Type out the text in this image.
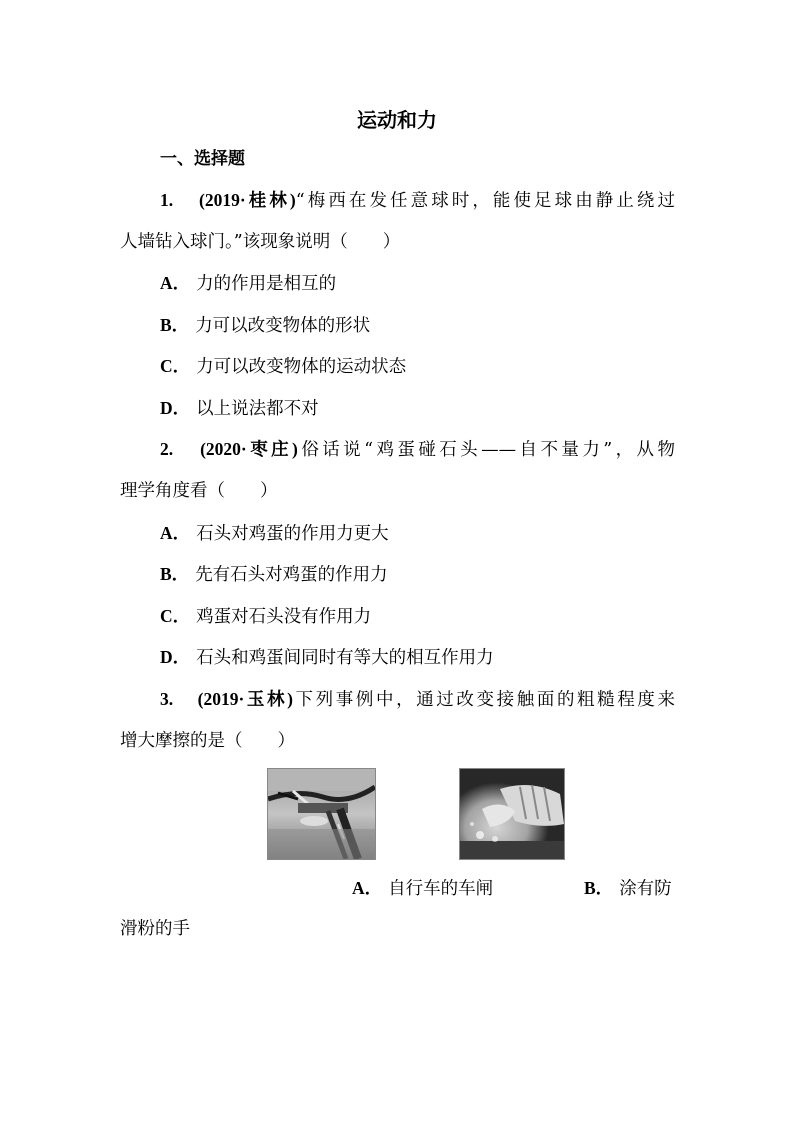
运动和力
一、选择题
1. (2019·桂林)“梅西在发任意球时，能使足球由静止绕过
人墙钻入球门。”该现象说明（　　）
A． 力的作用是相互的
B． 力可以改变物体的形状
C． 力可以改变物体的运动状态
D． 以上说法都不对
2. (2020·枣庄)俗话说“鸡蛋碰石头——自不量力”，从物
理学角度看（　　）
A． 石头对鸡蛋的作用力更大
B． 先有石头对鸡蛋的作用力
C． 鸡蛋对石头没有作用力
D． 石头和鸡蛋间同时有等大的相互作用力
3. (2019·玉林)下列事例中，通过改变接触面的粗糙程度来
增大摩擦的是（　　）
A． 自行车的车闸	B． 涂有防
滑粉的手
